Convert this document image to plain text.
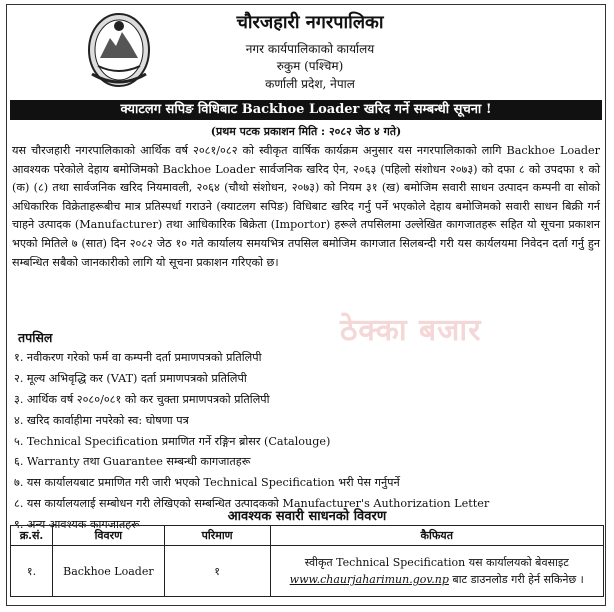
चौरजहारी नगरपालिका
नगर कार्यपालिकाको कार्यालय
रुकुम (पश्चिम)
कर्णाली प्रदेश, नेपाल
क्याटलग सपिङ विधिबाट Backhoe Loader खरिद गर्ने सम्बन्धी सूचना !
(प्रथम पटक प्रकाशन मिति : २०८२ जेठ ४ गते)

यस चौरजहारी नगरपालिकाको आर्थिक वर्ष २०८१/०८२ को स्वीकृत वार्षिक कार्यक्रम अनुसार यस नगरपालिकाको लागि Backhoe Loader आवश्यक परेकोले देहाय बमोजिमको Backhoe Loader सार्वजनिक खरिद ऐन, २०६३ (पहिलो संशोधन २०७३) को दफा ८ को उपदफा १ को (क) (८) तथा सार्वजनिक खरिद नियमावली, २०६४ (चौथो संशोधन, २०७३) को नियम ३१ (ख) बमोजिम सवारी साधन उत्पादन कम्पनी वा सोको अधिकारिक विक्रेताहरूबीच मात्र प्रतिस्पर्धा गराउने (क्याटलग सपिङ) विधिबाट खरिद गर्नु पर्ने भएकोले देहाय बमोजिमको सवारी साधन बिक्री गर्न चाहने उत्पादक (Manufacturer) तथा आधिकारिक बिक्रेता (Importor) हरूले तपसिलमा उल्लेखित कागजातहरू सहित यो सूचना प्रकाशन भएको मितिले ७ (सात) दिन २०८२ जेठ १० गते कार्यालय समयभित्र तपसिल बमोजिम कागजात सिलबन्दी गरी यस कार्यलयमा निवेदन दर्ता गर्नु हुन सम्बन्धित सबैको जानकारीको लागि यो सूचना प्रकाशन गरिएको छ।

ठेक्का बजार
तपसिल
१. नवीकरण गरेको फर्म वा कम्पनी दर्ता प्रमाणपत्रको प्रतिलिपी
२. मूल्य अभिवृद्धि कर (VAT) दर्ता प्रमाणपत्रको प्रतिलिपी
३. आर्थिक वर्ष २०८०/०८१ को कर चुक्ता प्रमाणपत्रको प्रतिलिपी
४. खरिद कार्वाहीमा नपरेको स्व: घोषणा पत्र
५. Technical Specification प्रमाणित गर्ने रङ्गिन ब्रोसर (Catalouge)
६. Warranty तथा Guarantee सम्बन्धी कागजातहरू
७. यस कार्यालयबाट प्रमाणित गरी जारी भएको Technical Specification भरी पेस गर्नुपर्ने
८. यस कार्यालयलाई सम्बोधन गरी लेखिएको सम्बन्धित उत्पादकको Manufacturer's Authorization Letter
९. अन्य आवश्यक कागजातहरू
आवश्यक सवारी साधनको विवरण
क्र.सं.	विवरण	परिमाण	कैफियत
१.	Backhoe Loader	१	स्वीकृत Technical Specification यस कार्यालयको बेवसाइट
www.chaurjaharimun.gov.np बाट डाउनलोड गरी हेर्न सकिनेछ ।
